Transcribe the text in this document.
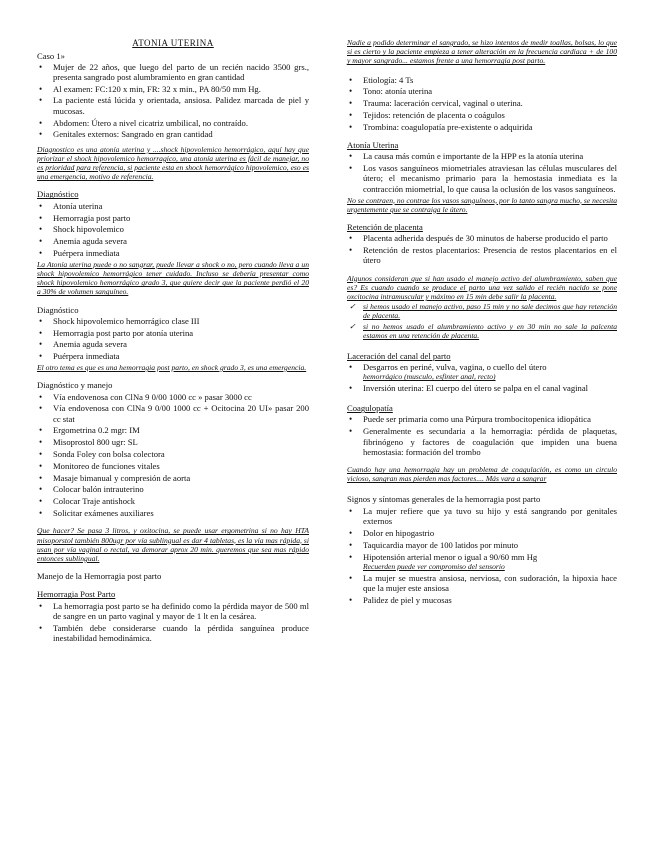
ATONIA UTERINA
Caso 1»
• Mujer de 22 años, que luego del parto de un recién nacido 3500 grs., presenta sangrado post alumbramiento en gran cantidad
• Al examen: FC:120 x min, FR: 32 x min., PA 80/50 mm Hg.
• La paciente está lúcida y orientada, ansiosa. Palidez marcada de piel y mucosas.
• Abdomen: Útero a nivel cicatriz umbilical, no contraído.
• Genitales externos: Sangrado en gran cantidad
Diagnostico es una atonía uterina y ....shock hipovolemico hemorrágico, aquí hay que priorizar el shock hipovolemico hemorragico, una atonía uterina es fácil de manejar, no es prioridad para referencia, si paciente esta en shock hemorrágico hipovolemico, eso es una emergencia, motivo de referencia.
Diagnóstico
• Atonía uterina
• Hemorragia post parto
• Shock hipovolemico
• Anemia aguda severa
• Puérpera inmediata
La Atonía uterina puede o no sangrar, puede llevar a shock o no, pero cuando lleva a un shock hipovolemico hemorrágico tener cuidado. Incluso se debería presentar como shock hipovolemico hemorrágico grado 3, que quiere decir que la paciente perdió el 20 a 30% de volumen sanguíneo.
Diagnóstico
• Shock hipovolemico hemorrágico clase III
• Hemorragia post parto por atonía uterina
• Anemia aguda severa
• Puérpera inmediata
El otro tema es que es una hemorragia post parto, en shock grado 3, es una emergencia.
Diagnóstico y manejo
• Vía endovenosa con ClNa 9 0/00 1000 cc » pasar 3000 cc
• Vía endovenosa con ClNa 9 0/00 1000 cc + Ocitocina 20 UI» pasar 200 cc stat
• Ergometrina 0.2 mgr: IM
• Misoprostol 800 ugr: SL
• Sonda Foley con bolsa colectora
• Monitoreo de funciones vitales
• Masaje bimanual y compresión de aorta
• Colocar balón intrauterino
• Colocar Traje antishock
• Solicitar exámenes auxiliares
Que hacer? Se pasa 3 litros, y oxitocina, se puede usar ergometrina si no hay HTA misoporstol también 800ugr por vía sublingual es dar 4 tabletas, es la vía mas rápida, si usan por vía vaginal o rectal, va demorar aprox 20 min. queremos que sea mas rápido entonces sublingual.
Manejo de la Hemorragia post parto
Hemorragia Post Parto
• La hemorragia post parto se ha definido como la pérdida mayor de 500 ml de sangre en un parto vaginal y mayor de 1 lt en la cesárea.
• También debe considerarse cuando la pérdida sanguínea produce inestabilidad hemodinámica.
Nadie a podido determinar el sangrado, se hizo intentos de medir toallas, bolsas, lo que si es cierto y la paciente empieza a tener alteración en la frecuencia cardiaca + de 100 y mayor sangrado... estamos frente a una hemorragia post parto.
• Etiología: 4 Ts
• Tono: atonía uterina
• Trauma: laceración cervical, vaginal o uterina.
• Tejidos: retención de placenta o coágulos
• Trombina: coagulopatía pre-existente o adquirida
Atonía Uterina
• La causa más común e importante de la HPP es la atonía uterina
• Los vasos sanguíneos miometriales atraviesan las células musculares del útero; el mecanismo primario para la hemostasia inmediata es la contracción miometrial, lo que causa la oclusión de los vasos sanguíneos.
No se contraen, no contrae los vasos sanguíneos, por lo tanto sangra mucho, se necesita urgentemente que se contraiga le útero.
Retención de placenta
• Placenta adherida después de 30 minutos de haberse producido el parto
• Retención de restos placentarios: Presencia de restos placentarios en el útero
Algunos consideran que si han usado el manejo activo del alumbramiento, saben que es? Es cuando cuando se produce el parto una vez salido el recién nacido se pone oxcitocina intramuscular y máximo en 15 min debe salir la placenta.
✓ si hemos usado el manejo activo, paso 15 min y no sale decimos que hay retención de placenta.
✓ si no hemos usado el alumbramiento activo y en 30 min no sale la palcenta estamos en una retención de placenta.
Laceración del canal del parto
• Desgarros en periné, vulva, vagina, o cuello del útero
hemorrágico (musculo, esfinter anal, recto)
• Inversión uterina: El cuerpo del útero se palpa en el canal vaginal
Coagulopatía
• Puede ser primaria como una Púrpura trombocitopenica idiopática
• Generalmente es secundaria a la hemorragia: pérdida de plaquetas, fibrinógeno y factores de coagulación que impiden una buena hemostasia: formación del trombo
Cuando hay una hemorragia hay un problema de coagulación, es como un circulo vicioso, sangran mas pierden mas factores.... Más vara a sangrar
Signos y síntomas generales de la hemorragia post parto
• La mujer refiere que ya tuvo su hijo y está sangrando por genitales externos
• Dolor en hipogastrio
• Taquicardia mayor de 100 latidos por minuto
• Hipotensión arterial menor o igual a 90/60 mm Hg
Recuerden puede ver compromiso del sensorio
• La mujer se muestra ansiosa, nerviosa, con sudoración, la hipoxia hace que la mujer este ansiosa
• Palidez de piel y mucosas
